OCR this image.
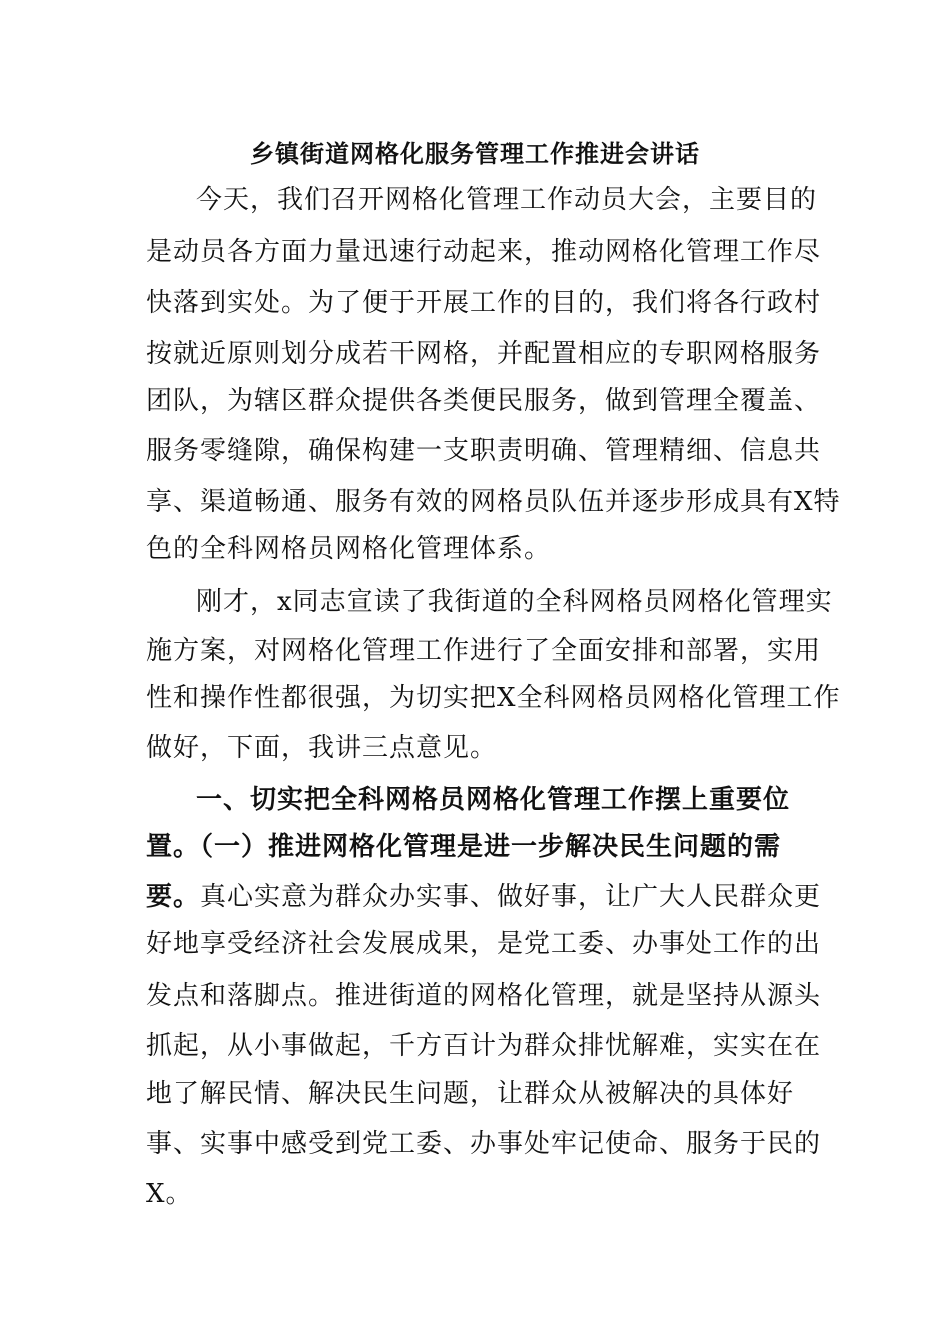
乡镇街道网格化服务管理工作推进会讲话
今天，我们召开网格化管理工作动员大会，主要目的
是动员各方面力量迅速行动起来，推动网格化管理工作尽
快落到实处。为了便于开展工作的目的，我们将各行政村
按就近原则划分成若干网格，并配置相应的专职网格服务
团队，为辖区群众提供各类便民服务，做到管理全覆盖、
服务零缝隙，确保构建一支职责明确、管理精细、信息共
享、渠道畅通、服务有效的网格员队伍并逐步形成具有X特
色的全科网格员网格化管理体系。
刚才，x同志宣读了我街道的全科网格员网格化管理实
施方案，对网格化管理工作进行了全面安排和部署，实用
性和操作性都很强，为切实把X全科网格员网格化管理工作
做好，下面，我讲三点意见。
一、切实把全科网格员网格化管理工作摆上重要位
置。（一）推进网格化管理是进一步解决民生问题的需
要。真心实意为群众办实事、做好事，让广大人民群众更
好地享受经济社会发展成果，是党工委、办事处工作的出
发点和落脚点。推进街道的网格化管理，就是坚持从源头
抓起，从小事做起，千方百计为群众排忧解难，实实在在
地了解民情、解决民生问题，让群众从被解决的具体好
事、实事中感受到党工委、办事处牢记使命、服务于民的
X。
